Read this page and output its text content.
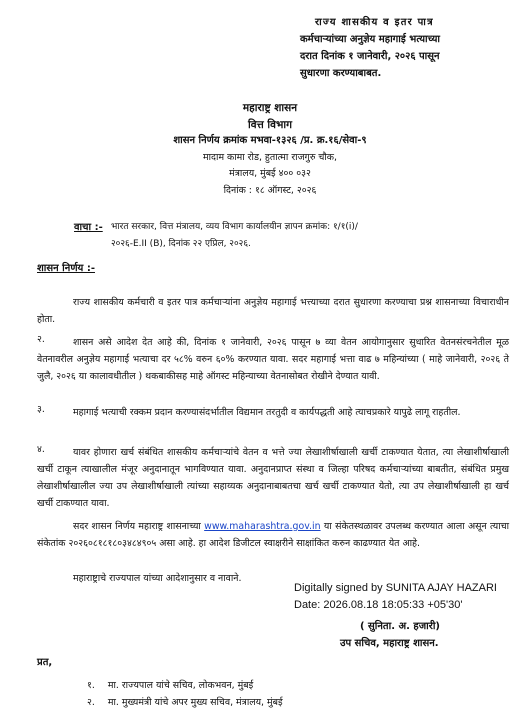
राज्य शासकीय व इतर पात्र
कर्मचाऱ्यांच्या अनुज्ञेय महागाई भत्याच्या
दरात दिनांक १ जानेवारी, २०२६ पासून
सुधारणा करण्याबाबत.
महाराष्ट्र शासन
वित्त विभाग
शासन निर्णय क्रमांक मभवा-१३२६ /प्र. क्र.१६/सेवा-९
मादाम कामा रोड, हुतात्मा राजगुरु चौक,
मंत्रालय, मुंबई ४०० ०३२
दिनांक : १८ ऑगस्ट, २०२६
वाचा :- भारत सरकार, वित्त मंत्रालय, व्यय विभाग कार्यालयीन ज्ञापन क्रमांक: १/१(i)/
२०२६-E.II (B), दिनांक २२ एप्रिल, २०२६.
शासन निर्णय :-
राज्य शासकीय कर्मचारी व इतर पात्र कर्मचाऱ्यांना अनुज्ञेय महागाई भत्त्याच्या दरात सुधारणा करण्याचा प्रश्न शासनाच्या विचाराधीन होता.
२.	शासन असे आदेश देत आहे की, दिनांक १ जानेवारी, २०२६ पासून ७ व्या वेतन आयोगानुसार सुधारित वेतनसंरचनेतील मूळ वेतनावरील अनुज्ञेय महागाई भत्याचा दर ५८% वरुन ६०% करण्यात यावा. सदर महागाई भत्ता वाढ ७ महिन्यांच्या ( माहे जानेवारी, २०२६ ते जुलै, २०२६ या कालावधीतील ) थकबाकीसह माहे ऑगस्ट महिन्याच्या वेतनासोबत रोखीने देण्यात यावी.
३.	महागाई भत्याची रक्कम प्रदान करण्यासंदर्भातील विद्यमान तरतुदी व कार्यपद्धती आहे त्याचप्रकारे यापुढे लागू राहतील.
४.	यावर होणारा खर्च संबंधित शासकीय कर्मचाऱ्यांचे वेतन व भत्ते ज्या लेखाशीर्षाखाली खर्ची टाकण्यात येतात, त्या लेखाशीर्षाखाली खर्ची टाकून त्याखालील मंजूर अनुदानातून भागविण्यात यावा. अनुदानप्राप्त संस्था व जिल्हा परिषद कर्मचाऱ्यांच्या बाबतीत, संबंधित प्रमुख लेखाशीर्षाखालील ज्या उप लेखाशीर्षाखाली त्यांच्या सहाय्यक अनुदानाबाबतचा खर्च खर्ची टाकण्यात येतो, त्या उप लेखाशीर्षाखाली हा खर्च खर्ची टाकण्यात यावा.
सदर शासन निर्णय महाराष्ट्र शासनाच्या www.maharashtra.gov.in या संकेतस्थळावर उपलब्ध करण्यात आला असून त्याचा संकेतांक २०२६०८१८१८०३४८४९०५ असा आहे. हा आदेश डिजीटल स्वाक्षरीने साक्षांकित करुन काढण्यात येत आहे.
महाराष्ट्राचे राज्यपाल यांच्या आदेशानुसार व नावाने.
Digitally signed by SUNITA AJAY HAZARI
Date: 2026.08.18 18:05:33 +05'30'
( सुनिता. अ. हजारी)
उप सचिव, महाराष्ट्र शासन.
प्रत,
१. मा. राज्यपाल यांचे सचिव, लोकभवन, मुंबई
२. मा. मुख्यमंत्री यांचे अपर मुख्य सचिव, मंत्रालय, मुंबई
